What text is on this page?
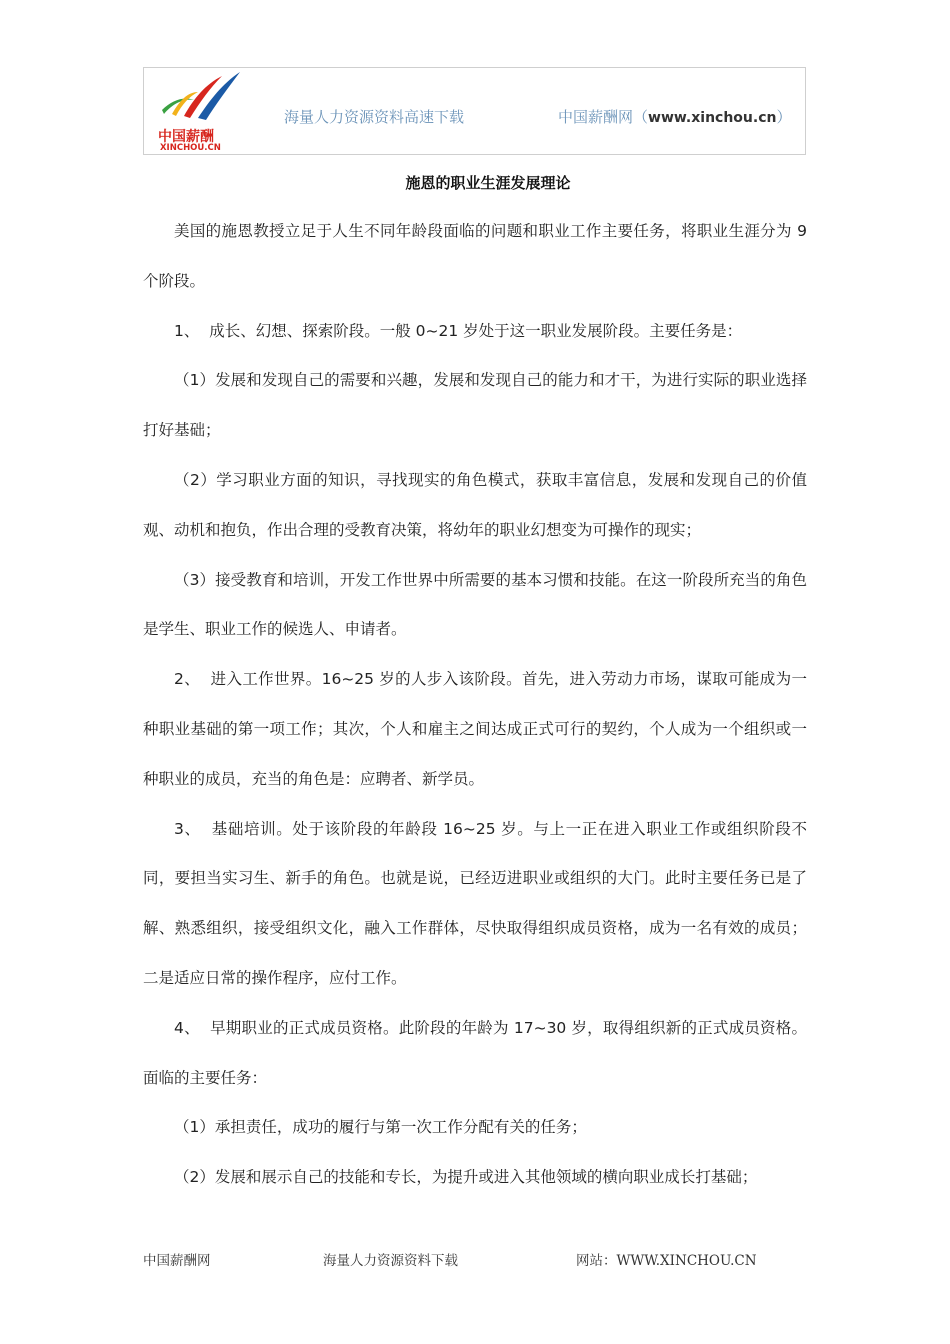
中国薪酬
XINCHOU.CN
海量人力资源资料高速下载	中国薪酬网（www.xinchou.cn）
施恩的职业生涯发展理论

美国的施恩教授立足于人生不同年龄段面临的问题和职业工作主要任务，将职业生涯分为 9 个阶段。

1、  成长、幻想、探索阶段。一般 0~21 岁处于这一职业发展阶段。主要任务是：

（1）发展和发现自己的需要和兴趣，发展和发现自己的能力和才干，为进行实际的职业选择打好基础；

（2）学习职业方面的知识，寻找现实的角色模式，获取丰富信息，发展和发现自己的价值观、动机和抱负，作出合理的受教育决策，将幼年的职业幻想变为可操作的现实；

（3）接受教育和培训，开发工作世界中所需要的基本习惯和技能。在这一阶段所充当的角色是学生、职业工作的候选人、申请者。

2、  进入工作世界。16~25 岁的人步入该阶段。首先，进入劳动力市场，谋取可能成为一种职业基础的第一项工作；其次，个人和雇主之间达成正式可行的契约，个人成为一个组织或一种职业的成员，充当的角色是：应聘者、新学员。

3、  基础培训。处于该阶段的年龄段 16~25 岁。与上一正在进入职业工作或组织阶段不同，要担当实习生、新手的角色。也就是说，已经迈进职业或组织的大门。此时主要任务已是了解、熟悉组织，接受组织文化，融入工作群体，尽快取得组织成员资格，成为一名有效的成员；二是适应日常的操作程序，应付工作。

4、  早期职业的正式成员资格。此阶段的年龄为 17~30 岁，取得组织新的正式成员资格。面临的主要任务：

（1）承担责任，成功的履行与第一次工作分配有关的任务；

（2）发展和展示自己的技能和专长，为提升或进入其他领域的横向职业成长打基础；

中国薪酬网	海量人力资源资料下载	网站：WWW.XINCHOU.CN
